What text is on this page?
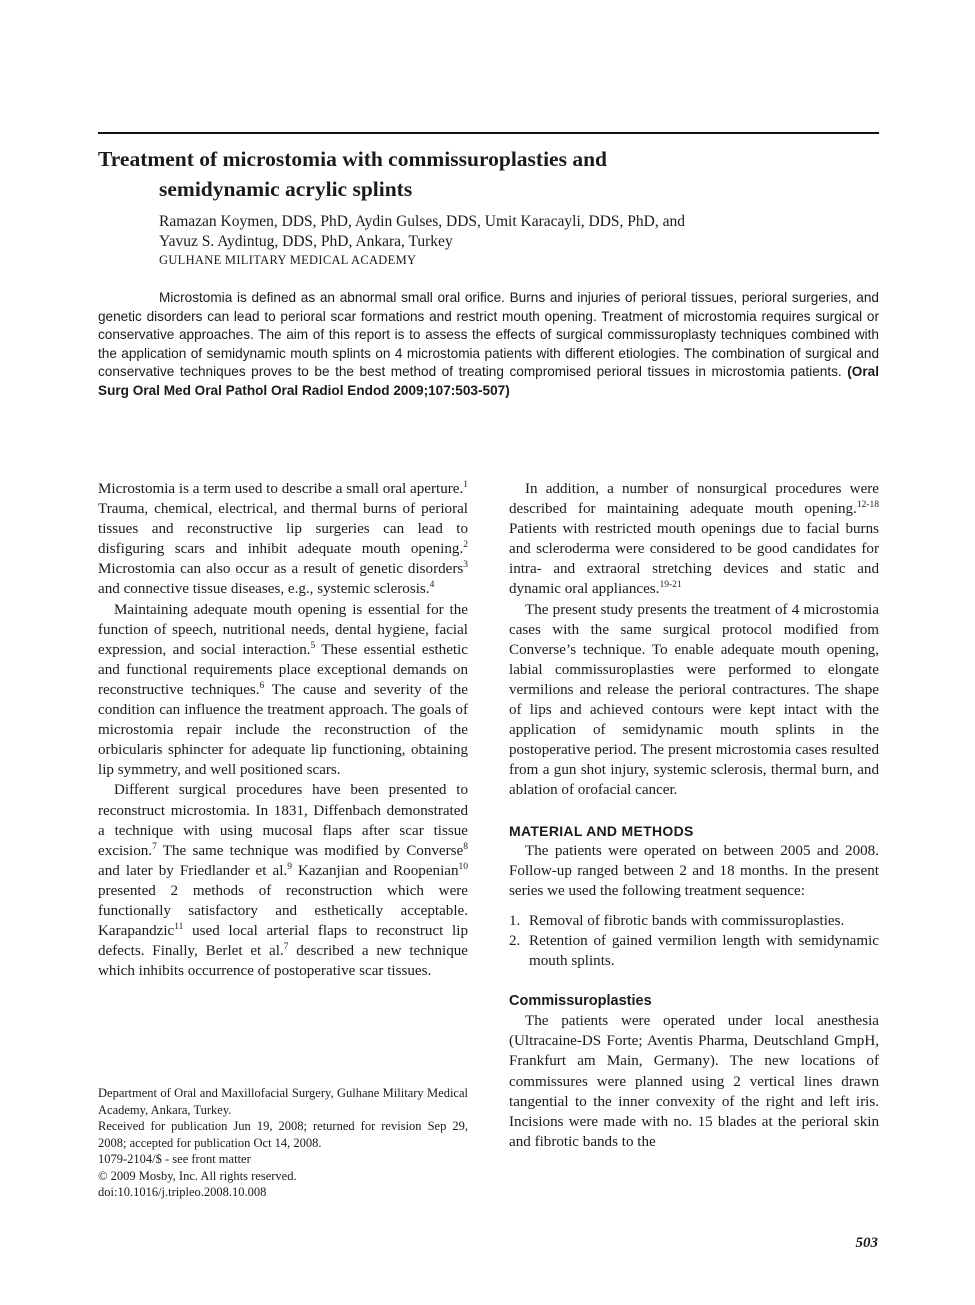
Treatment of microstomia with commissuroplasties and
semidynamic acrylic splints
Ramazan Koymen, DDS, PhD, Aydin Gulses, DDS, Umit Karacayli, DDS, PhD, and
Yavuz S. Aydintug, DDS, PhD, Ankara, Turkey
GULHANE MILITARY MEDICAL ACADEMY

Microstomia is defined as an abnormal small oral orifice. Burns and injuries of perioral tissues, perioral surgeries, and genetic disorders can lead to perioral scar formations and restrict mouth opening. Treatment of microstomia requires surgical or conservative approaches. The aim of this report is to assess the effects of surgical commissuroplasty techniques combined with the application of semidynamic mouth splints on 4 microstomia patients with different etiologies. The combination of surgical and conservative techniques proves to be the best method of treating compromised perioral tissues in microstomia patients. (Oral Surg Oral Med Oral Pathol Oral Radiol Endod 2009;107:503-507)

Microstomia is a term used to describe a small oral aperture.$^1$ Trauma, chemical, electrical, and thermal burns of perioral tissues and reconstructive lip surgeries can lead to disfiguring scars and inhibit adequate mouth opening.$^2$ Microstomia can also occur as a result of genetic disorders$^3$ and connective tissue diseases, e.g., systemic sclerosis.$^4$

Maintaining adequate mouth opening is essential for the function of speech, nutritional needs, dental hygiene, facial expression, and social interaction.$^5$ These essential esthetic and functional requirements place exceptional demands on reconstructive techniques.$^6$ The cause and severity of the condition can influence the treatment approach. The goals of microstomia repair include the reconstruction of the orbicularis sphincter for adequate lip functioning, obtaining lip symmetry, and well positioned scars.

Different surgical procedures have been presented to reconstruct microstomia. In 1831, Diffenbach demonstrated a technique with using mucosal flaps after scar tissue excision.$^7$ The same technique was modified by Converse$^8$ and later by Friedlander et al.$^9$ Kazanjian and Roopenian$^{10}$ presented 2 methods of reconstruction which were functionally satisfactory and esthetically acceptable. Karapandzic$^{11}$ used local arterial flaps to reconstruct lip defects. Finally, Berlet et al.$^7$ described a new technique which inhibits occurrence of postoperative scar tissues.

Department of Oral and Maxillofacial Surgery, Gulhane Military Medical Academy, Ankara, Turkey.
Received for publication Jun 19, 2008; returned for revision Sep 29, 2008; accepted for publication Oct 14, 2008.
1079-2104/$ - see front matter
© 2009 Mosby, Inc. All rights reserved.
doi:10.1016/j.tripleo.2008.10.008

In addition, a number of nonsurgical procedures were described for maintaining adequate mouth opening.$^{12-18}$ Patients with restricted mouth openings due to facial burns and scleroderma were considered to be good candidates for intra- and extraoral stretching devices and static and dynamic oral appliances.$^{19-21}$

The present study presents the treatment of 4 microstomia cases with the same surgical protocol modified from Converse’s technique. To enable adequate mouth opening, labial commissuroplasties were performed to elongate vermilions and release the perioral contractures. The shape of lips and achieved contours were kept intact with the application of semidynamic mouth splints in the postoperative period. The present microstomia cases resulted from a gun shot injury, systemic sclerosis, thermal burn, and ablation of orofacial cancer.

MATERIAL AND METHODS

The patients were operated on between 2005 and 2008. Follow-up ranged between 2 and 18 months. In the present series we used the following treatment sequence:

1. Removal of fibrotic bands with commissuroplasties.
2. Retention of gained vermilion length with semidynamic mouth splints.
Commissuroplasties

The patients were operated under local anesthesia (Ultracaine-DS Forte; Aventis Pharma, Deutschland GmpH, Frankfurt am Main, Germany). The new locations of commissures were planned using 2 vertical lines drawn tangential to the inner convexity of the right and left iris. Incisions were made with no. 15 blades at the perioral skin and fibrotic bands to the

503
